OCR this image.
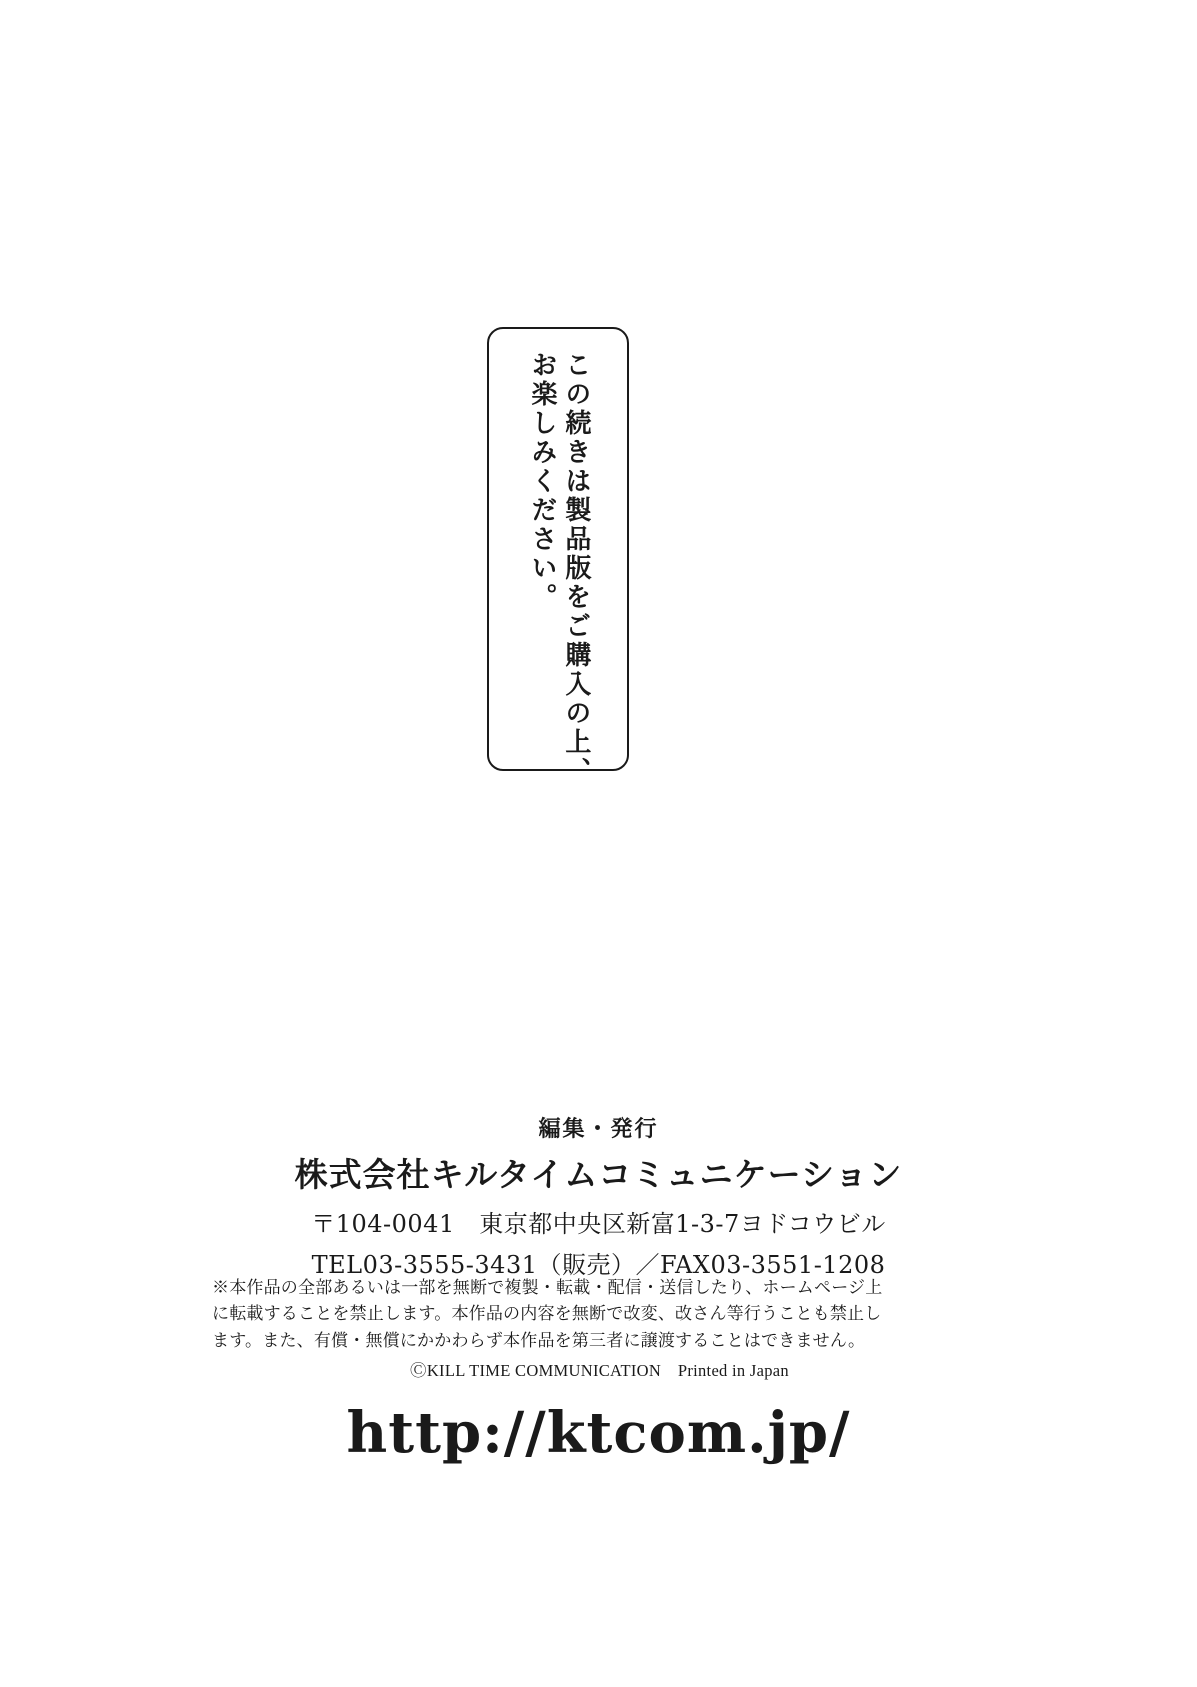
この続きは製品版をご購入の上、
お楽しみください。

編集・発行

株式会社キルタイムコミュニケーション

〒104-0041　東京都中央区新富1-3-7ヨドコウビル

TEL03-3555-3431（販売）／FAX03-3551-1208

※本作品の全部あるいは一部を無断で複製・転載・配信・送信したり、ホームページ上

に転載することを禁止します。本作品の内容を無断で改変、改さん等行うことも禁止し

ます。また、有償・無償にかかわらず本作品を第三者に譲渡することはできません。

ⒸKILL TIME COMMUNICATION　Printed in Japan

http://ktcom.jp/
